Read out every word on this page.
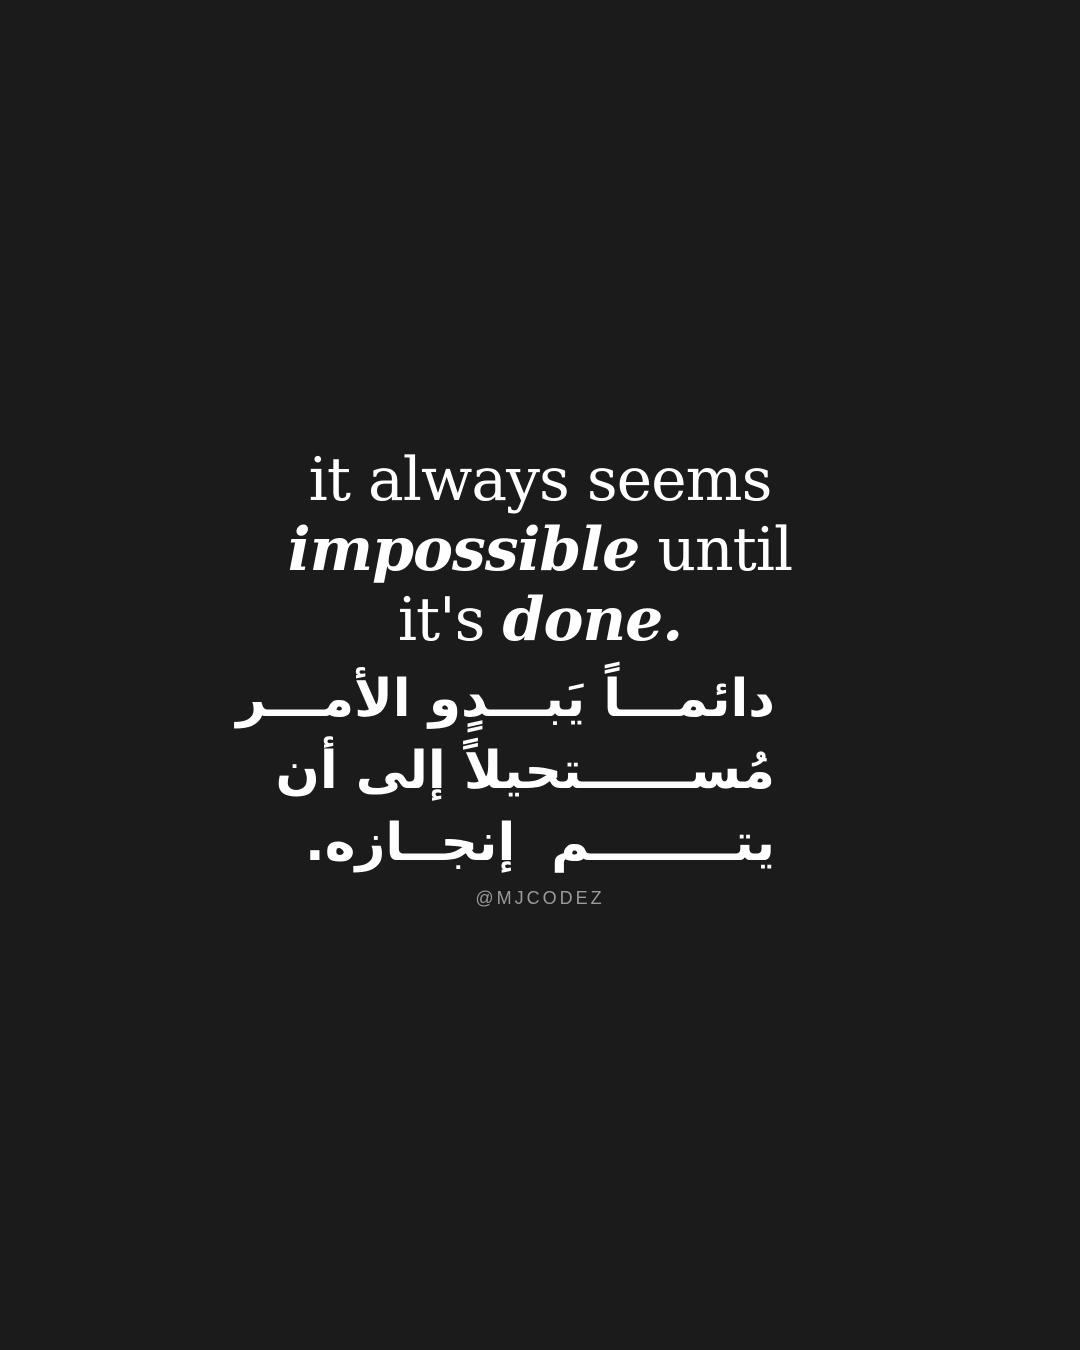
it always seems
impossible until
it's done.
دائمـــاً يَبـــدٍو الأمـــر
مُســــــتحيلاً إلى أن
يتــــــــم إنجــازه.
@MJCODEZ
